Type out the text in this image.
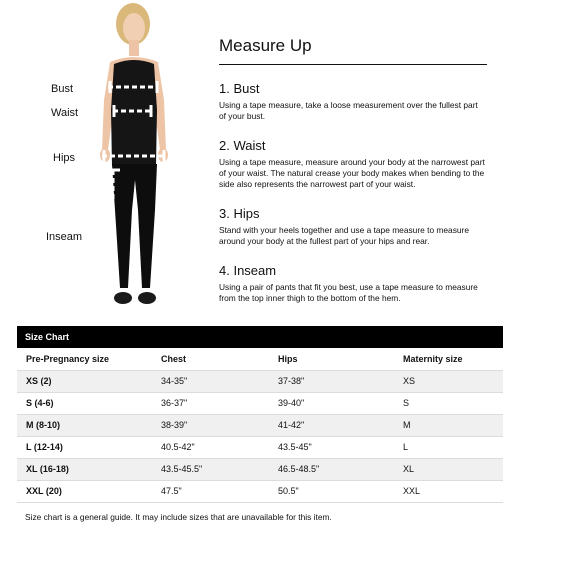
Bust
Waist
Hips
Inseam
Measure Up
1. Bust
Using a tape measure, take a loose measurement over the fullest part of your bust.
2. Waist
Using a tape measure, measure around your body at the narrowest part of your waist. The natural crease your body makes when bending to the side also represents the narrowest part of your waist.
3. Hips
Stand with your heels together and use a tape measure to measure around your body at the fullest part of your hips and rear.
4. Inseam
Using a pair of pants that fit you best, use a tape measure to measure from the top inner thigh to the bottom of the hem.
Size Chart
Pre-Pregnancy size	Chest	Hips	Maternity size
XS (2)	34-35"	37-38"	XS
S (4-6)	36-37"	39-40"	S
M (8-10)	38-39"	41-42"	M
L (12-14)	40.5-42"	43.5-45"	L
XL (16-18)	43.5-45.5"	46.5-48.5"	XL
XXL (20)	47.5"	50.5"	XXL
Size chart is a general guide. It may include sizes that are unavailable for this item.
